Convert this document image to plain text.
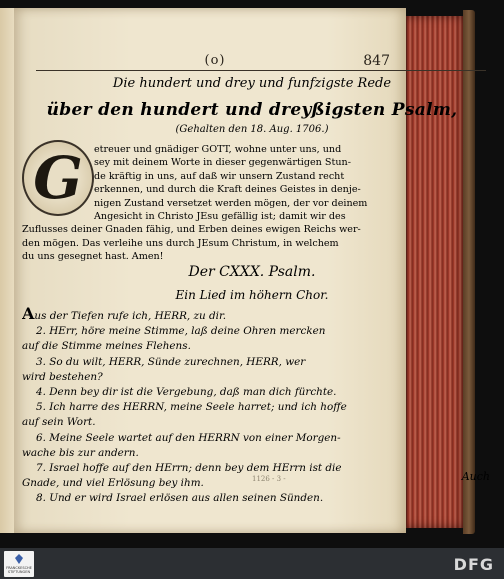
(o)	847
Die hundert und drey und funfzigste Rede
über den hundert und dreyßigsten Psalm,
(Gehalten den 18. Aug. 1706.)
G	etreuer und gnädiger GOTT, wohne unter uns, und
sey mit deinem Worte in dieser gegenwärtigen Stun-
de kräftig in uns, auf daß wir unsern Zustand recht
erkennen, und durch die Kraft deines Geistes in denje-
nigen Zustand versetzet werden mögen, der vor deinem
Angesicht in Christo JEsu gefällig ist; damit wir des
Zuflusses deiner Gnaden fähig, und Erben deines ewigen Reichs wer-
den mögen. Das verleihe uns durch JEsum Christum, in welchem
du uns gesegnet hast. Amen!
Der CXXX. Psalm.
Ein Lied im höhern Chor.
Aus der Tiefen rufe ich, HERR, zu dir.
2. HErr, höre meine Stimme, laß deine Ohren mercken
auf die Stimme meines Flehens.
3. So du wilt, HERR, Sünde zurechnen, HERR, wer
wird bestehen?
4. Denn bey dir ist die Vergebung, daß man dich fürchte.
5. Ich harre des HERRN, meine Seele harret; und ich hoffe
auf sein Wort.
6. Meine Seele wartet auf den HERRN von einer Morgen-
wache bis zur andern.
7. Israel hoffe auf den HErrn; denn bey dem HErrn ist die
Gnade, und viel Erlösung bey ihm.
8. Und er wird Israel erlösen aus allen seinen Sünden.
1126 - 3 -	Auch
FRANCKESCHE STIFTUNGEN	DFG
